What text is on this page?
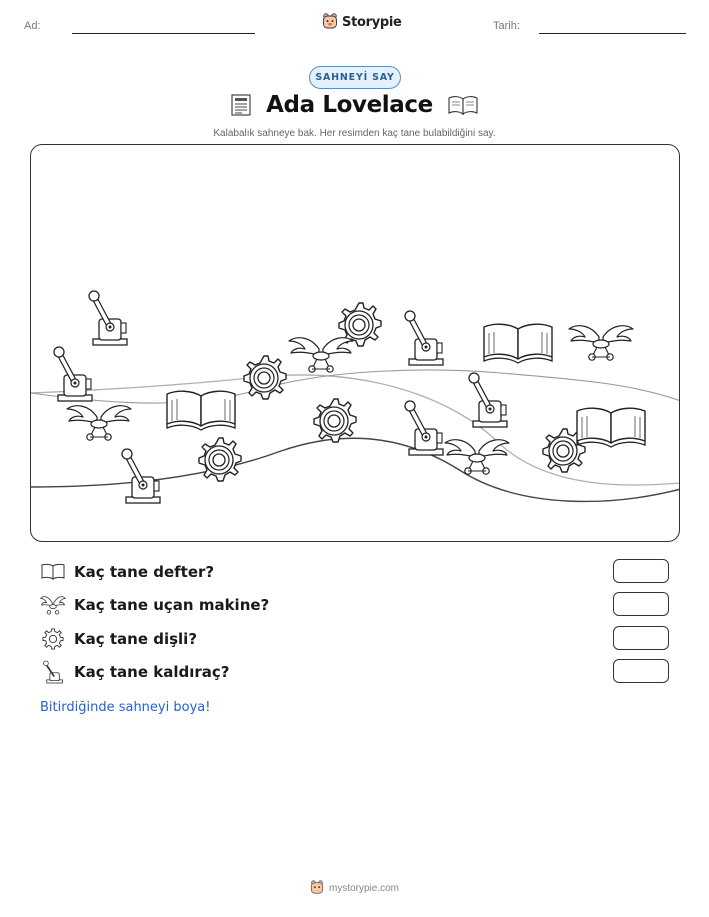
Ad:	Storypie	Tarih:
SAHNEYİ SAY
Ada Lovelace
Kalabalık sahneye bak. Her resimden kaç tane bulabildiğini say.
Kaç tane defter?
Kaç tane uçan makine?
Kaç tane dişli?
Kaç tane kaldıraç?
Bitirdiğinde sahneyi boya!
mystorypie.com
